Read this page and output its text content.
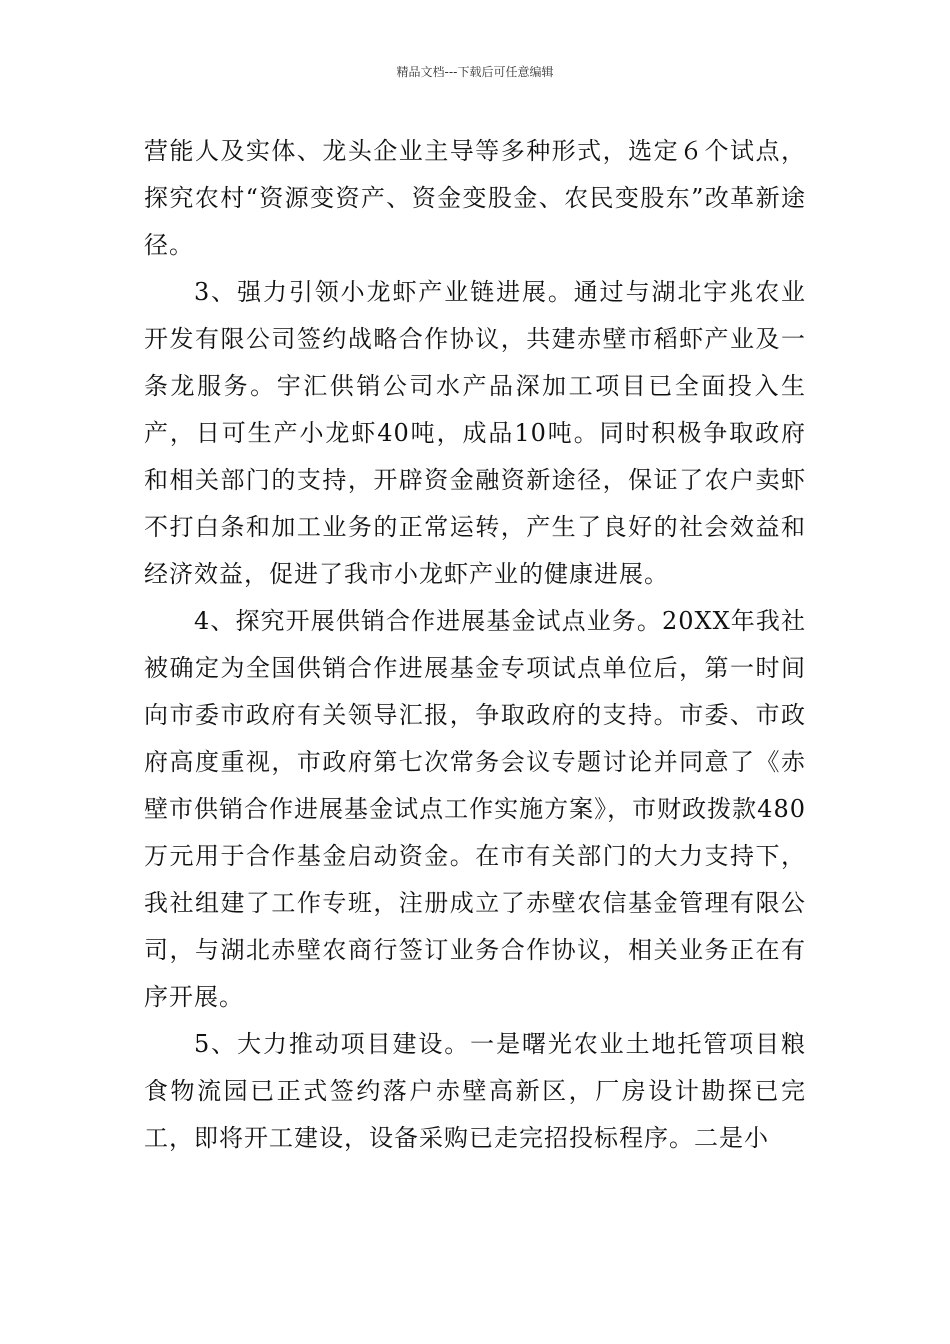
精品文档---下载后可任意编辑

营能人及实体、龙头企业主导等多种形式，选定６个试点，探究农村“资源变资产、资金变股金、农民变股东”改革新途径。

3、强力引领小龙虾产业链进展。通过与湖北宇兆农业开发有限公司签约战略合作协议，共建赤壁市稻虾产业及一条龙服务。宇汇供销公司水产品深加工项目已全面投入生产，日可生产小龙虾40吨，成品10吨。同时积极争取政府和相关部门的支持，开辟资金融资新途径，保证了农户卖虾不打白条和加工业务的正常运转，产生了良好的社会效益和经济效益，促进了我市小龙虾产业的健康进展。

4、探究开展供销合作进展基金试点业务。20XX年我社被确定为全国供销合作进展基金专项试点单位后，第一时间向市委市政府有关领导汇报，争取政府的支持。市委、市政府高度重视，市政府第七次常务会议专题讨论并同意了《赤壁市供销合作进展基金试点工作实施方案》，市财政拨款480万元用于合作基金启动资金。在市有关部门的大力支持下，我社组建了工作专班，注册成立了赤壁农信基金管理有限公司，与湖北赤壁农商行签订业务合作协议，相关业务正在有序开展。

5、大力推动项目建设。一是曙光农业土地托管项目粮食物流园已正式签约落户赤壁高新区，厂房设计勘探已完工，即将开工建设，设备采购已走完招投标程序。二是小
